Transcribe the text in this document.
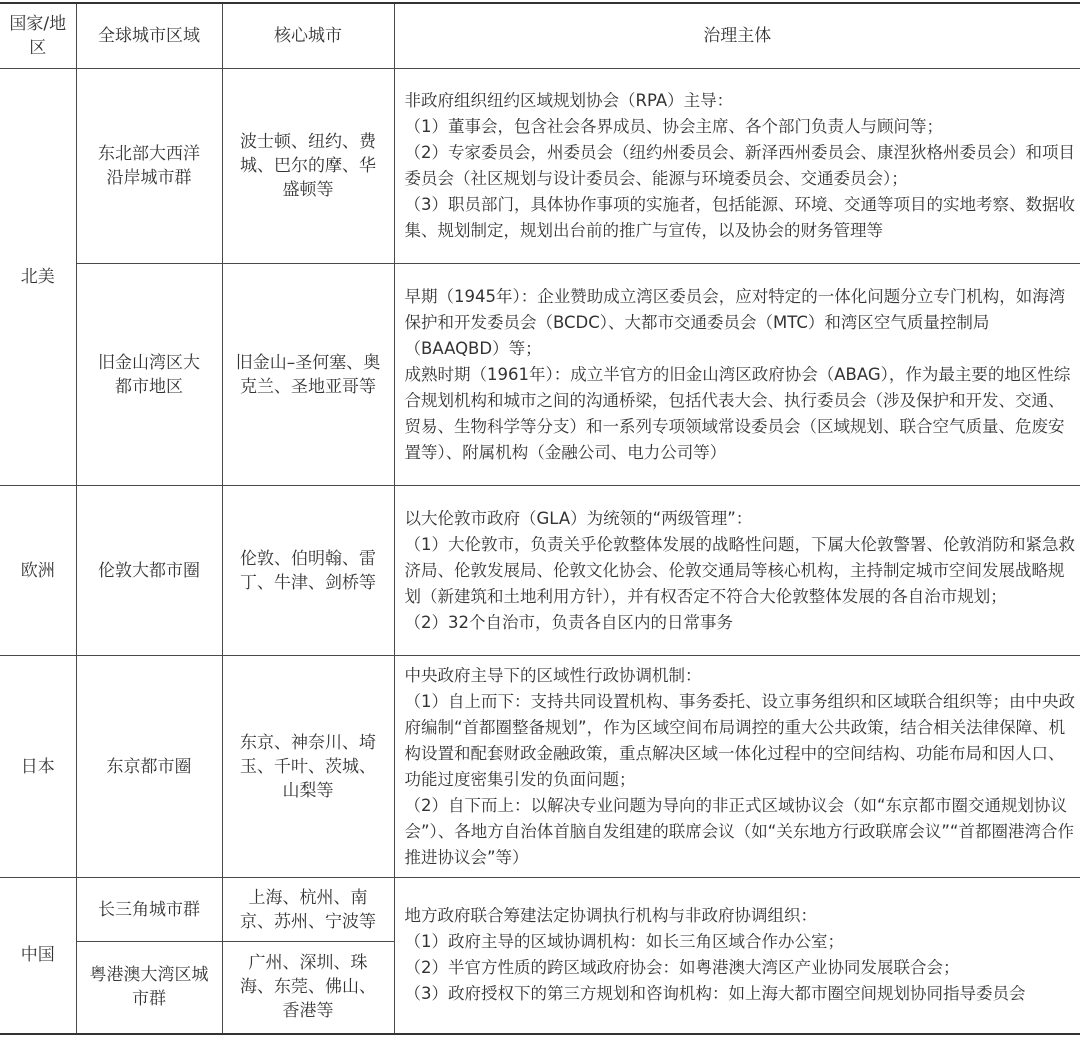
国家/地区	全球城市区域	核心城市	治理主体
北美	东北部大西洋沿岸城市群	波士顿、纽约、费城、巴尔的摩、华盛顿等	非政府组织纽约区域规划协会（RPA）主导：

（1）董事会，包含社会各界成员、协会主席、各个部门负责人与顾问等；

（2）专家委员会，州委员会（纽约州委员会、新泽西州委员会、康涅狄格州委员会）和项目委员会（社区规划与设计委员会、能源与环境委员会、交通委员会）；

（3）职员部门，具体协作事项的实施者，包括能源、环境、交通等项目的实地考察、数据收集、规划制定，规划出台前的推广与宣传，以及协会的财务管理等

	旧金山湾区大都市地区	旧金山–圣何塞、奥克兰、圣地亚哥等	早期（1945年）：企业赞助成立湾区委员会，应对特定的一体化问题分立专门机构，如海湾保护和开发委员会（BCDC）、大都市交通委员会（MTC）和湾区空气质量控制局（BAAQBD）等；

成熟时期（1961年）：成立半官方的旧金山湾区政府协会（ABAG），作为最主要的地区性综合规划机构和城市之间的沟通桥梁，包括代表大会、执行委员会（涉及保护和开发、交通、贸易、生物科学等分支）和一系列专项领域常设委员会（区域规划、联合空气质量、危废安置等）、附属机构（金融公司、电力公司等）

欧洲	伦敦大都市圈	伦敦、伯明翰、雷丁、牛津、剑桥等	以大伦敦市政府（GLA）为统领的“两级管理”：

（1）大伦敦市，负责关乎伦敦整体发展的战略性问题，下属大伦敦警署、伦敦消防和紧急救济局、伦敦发展局、伦敦文化协会、伦敦交通局等核心机构，主持制定城市空间发展战略规划（新建筑和土地利用方针），并有权否定不符合大伦敦整体发展的各自治市规划；

（2）32个自治市，负责各自区内的日常事务

日本	东京都市圈	东京、神奈川、埼玉、千叶、茨城、山梨等	中央政府主导下的区域性行政协调机制：

（1）自上而下：支持共同设置机构、事务委托、设立事务组织和区域联合组织等；由中央政府编制“首都圈整备规划”，作为区域空间布局调控的重大公共政策，结合相关法律保障、机构设置和配套财政金融政策，重点解决区域一体化过程中的空间结构、功能布局和因人口、功能过度密集引发的负面问题；

（2）自下而上：以解决专业问题为导向的非正式区域协议会（如“东京都市圈交通规划协议会”）、各地方自治体首脑自发组建的联席会议（如“关东地方行政联席会议”“首都圈港湾合作推进协议会”等）

中国	长三角城市群	上海、杭州、南京、苏州、宁波等	地方政府联合筹建法定协调执行机构与非政府协调组织：

（1）政府主导的区域协调机构：如长三角区域合作办公室；

（2）半官方性质的跨区域政府协会：如粤港澳大湾区产业协同发展联合会；

（3）政府授权下的第三方规划和咨询机构：如上海大都市圈空间规划协同指导委员会

	粤港澳大湾区城市群	广州、深圳、珠海、东莞、佛山、香港等	
